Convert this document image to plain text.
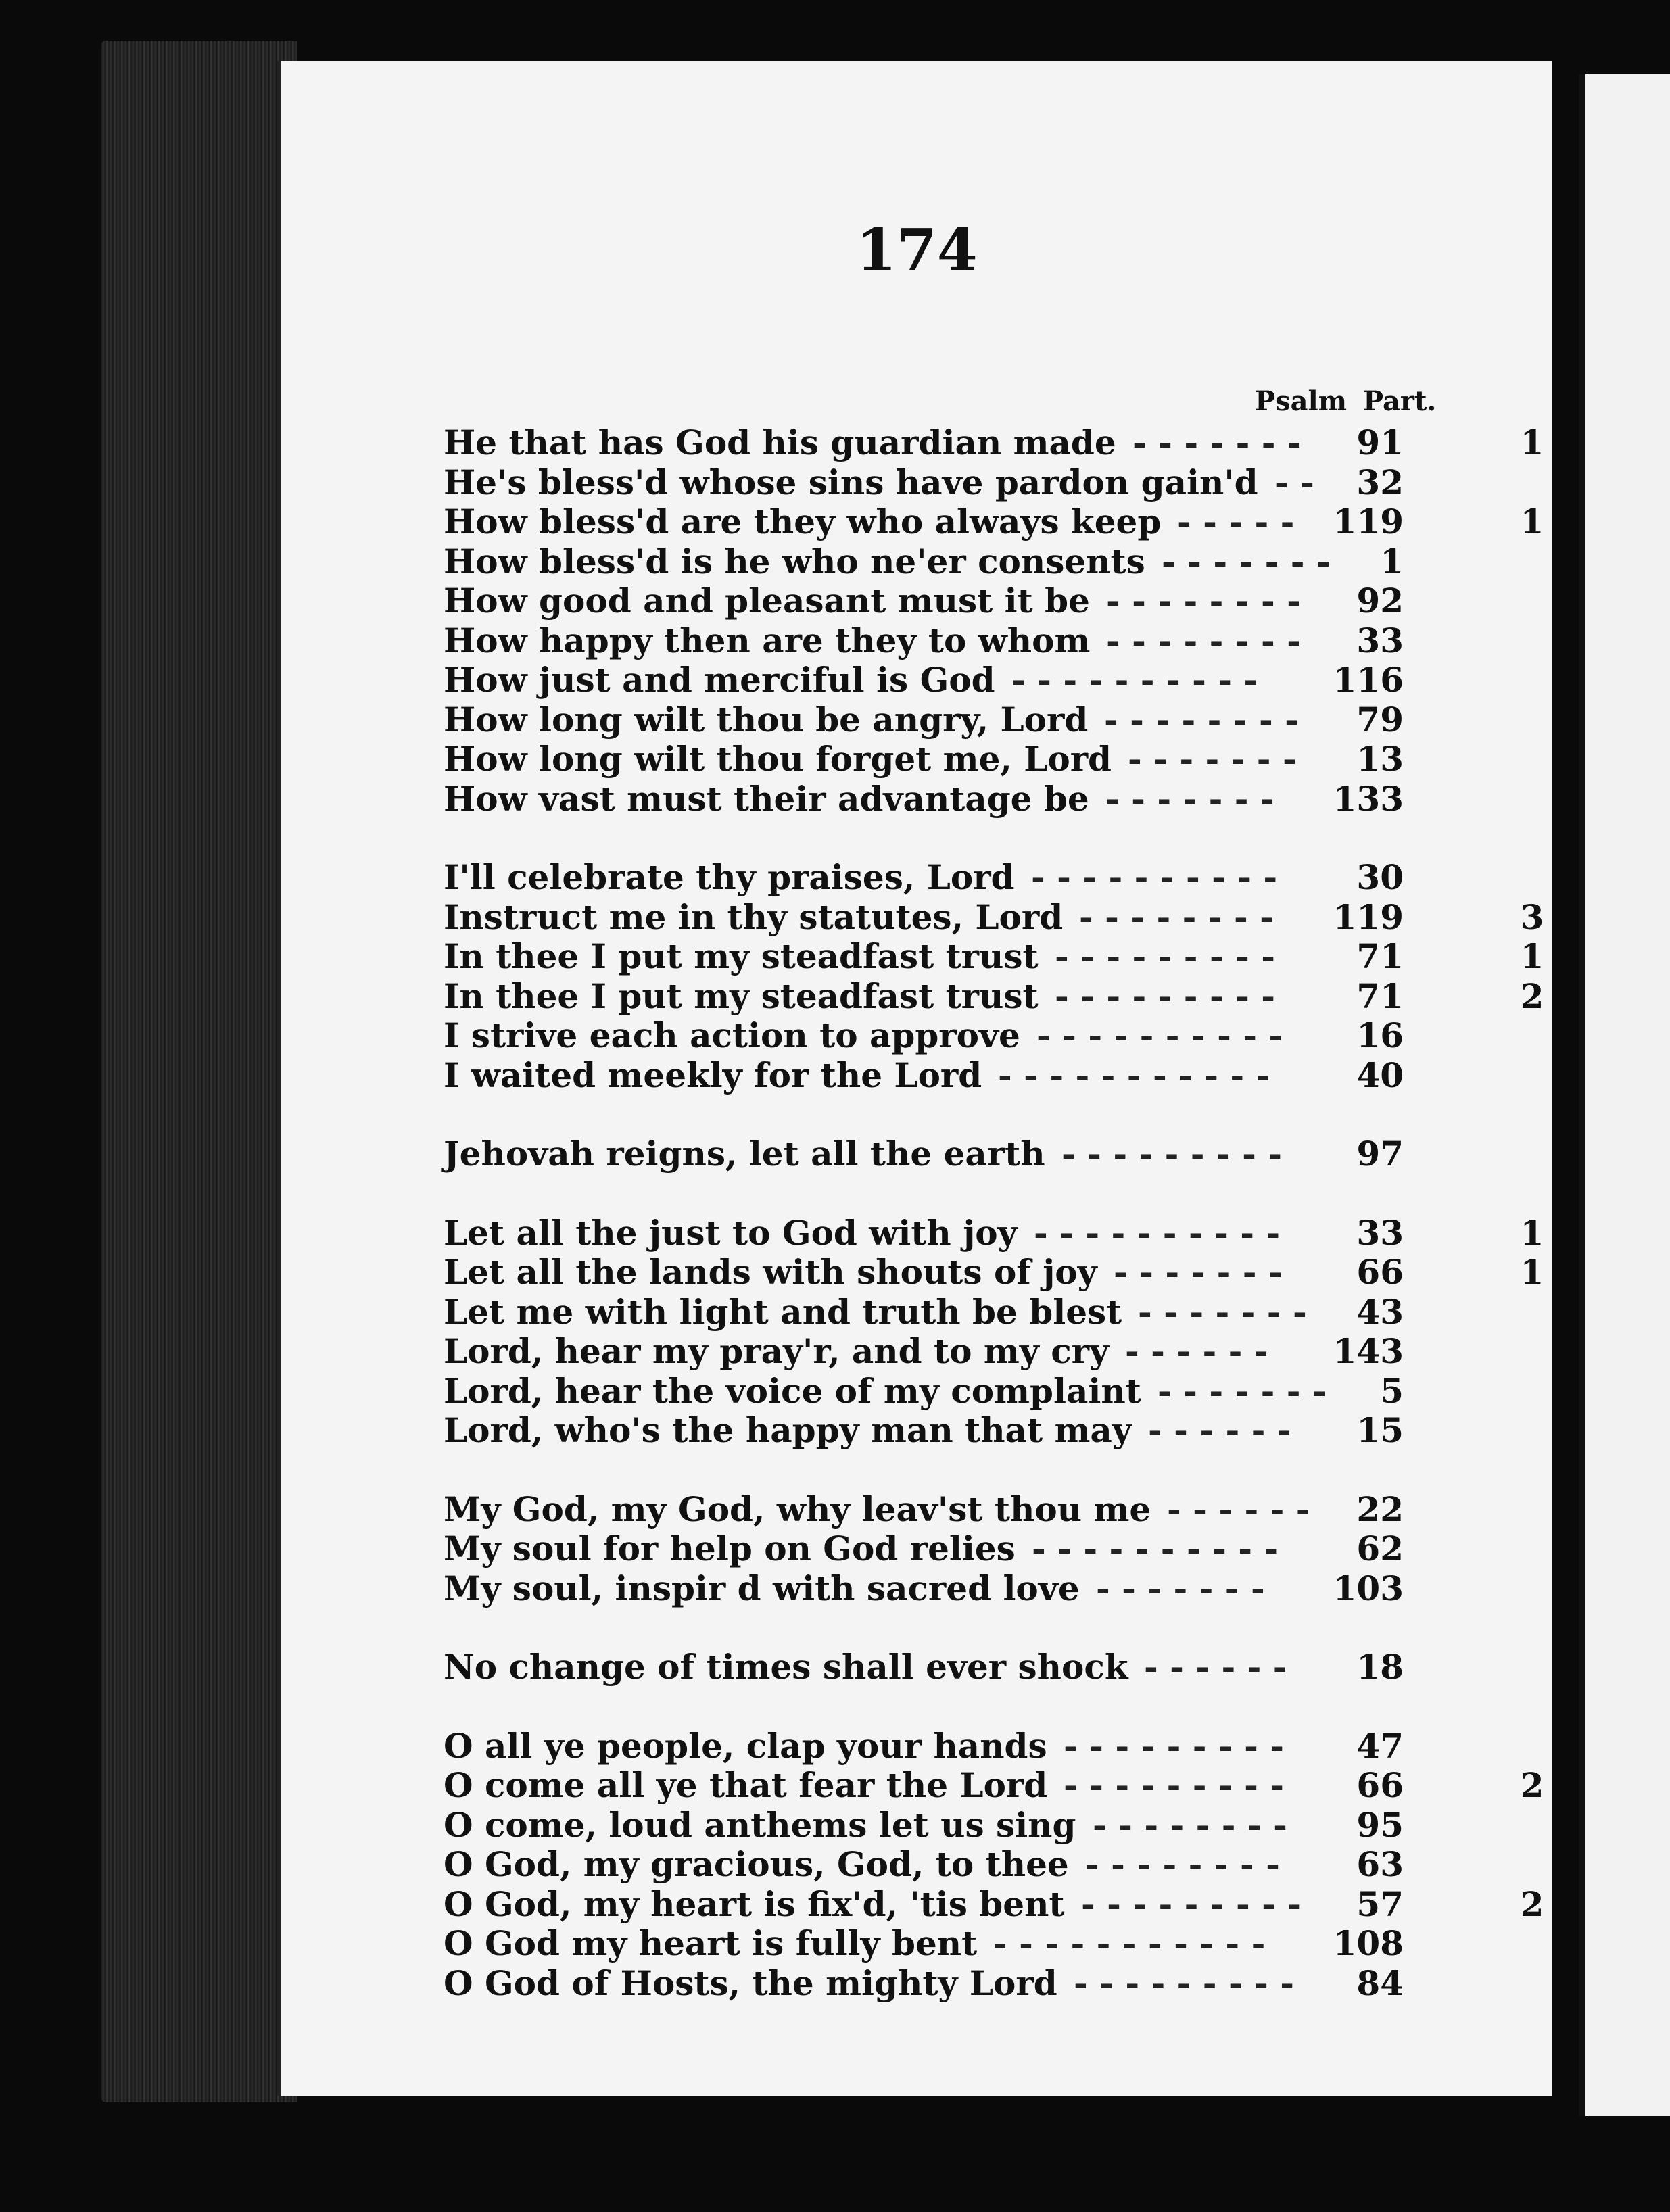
174
Psalm Part.
He that has God his guardian made - - - - - - -	91	1
He's bless'd whose sins have pardon gain'd - -	32
How bless'd are they who always keep - - - - -	119	1
How bless'd is he who ne'er consents - - - - - - -	1
How good and pleasant must it be - - - - - - - -	92
How happy then are they to whom - - - - - - - -	33
How just and merciful is God - - - - - - - - - -	116
How long wilt thou be angry, Lord - - - - - - - -	79
How long wilt thou forget me, Lord - - - - - - -	13
How vast must their advantage be - - - - - - -	133
I'll celebrate thy praises, Lord - - - - - - - - - -	30
Instruct me in thy statutes, Lord - - - - - - - -	119	3
In thee I put my steadfast trust - - - - - - - - -	71	1
In thee I put my steadfast trust - - - - - - - - -	71	2
I strive each action to approve - - - - - - - - - -	16
I waited meekly for the Lord - - - - - - - - - - -	40
Jehovah reigns, let all the earth - - - - - - - - -	97
Let all the just to God with joy - - - - - - - - - -	33	1
Let all the lands with shouts of joy - - - - - - -	66	1
Let me with light and truth be blest - - - - - - -	43
Lord, hear my pray'r, and to my cry - - - - - -	143
Lord, hear the voice of my complaint - - - - - - -	5
Lord, who's the happy man that may - - - - - -	15
My God, my God, why leav'st thou me - - - - - -	22
My soul for help on God relies - - - - - - - - - -	62
My soul, inspir d with sacred love - - - - - - -	103
No change of times shall ever shock - - - - - -	18
O all ye people, clap your hands - - - - - - - - -	47
O come all ye that fear the Lord - - - - - - - - -	66	2
O come, loud anthems let us sing - - - - - - - -	95
O God, my gracious, God, to thee - - - - - - - -	63
O God, my heart is fix'd, 'tis bent - - - - - - - - -	57	2
O God my heart is fully bent - - - - - - - - - - -	108
O God of Hosts, the mighty Lord - - - - - - - - -	84
